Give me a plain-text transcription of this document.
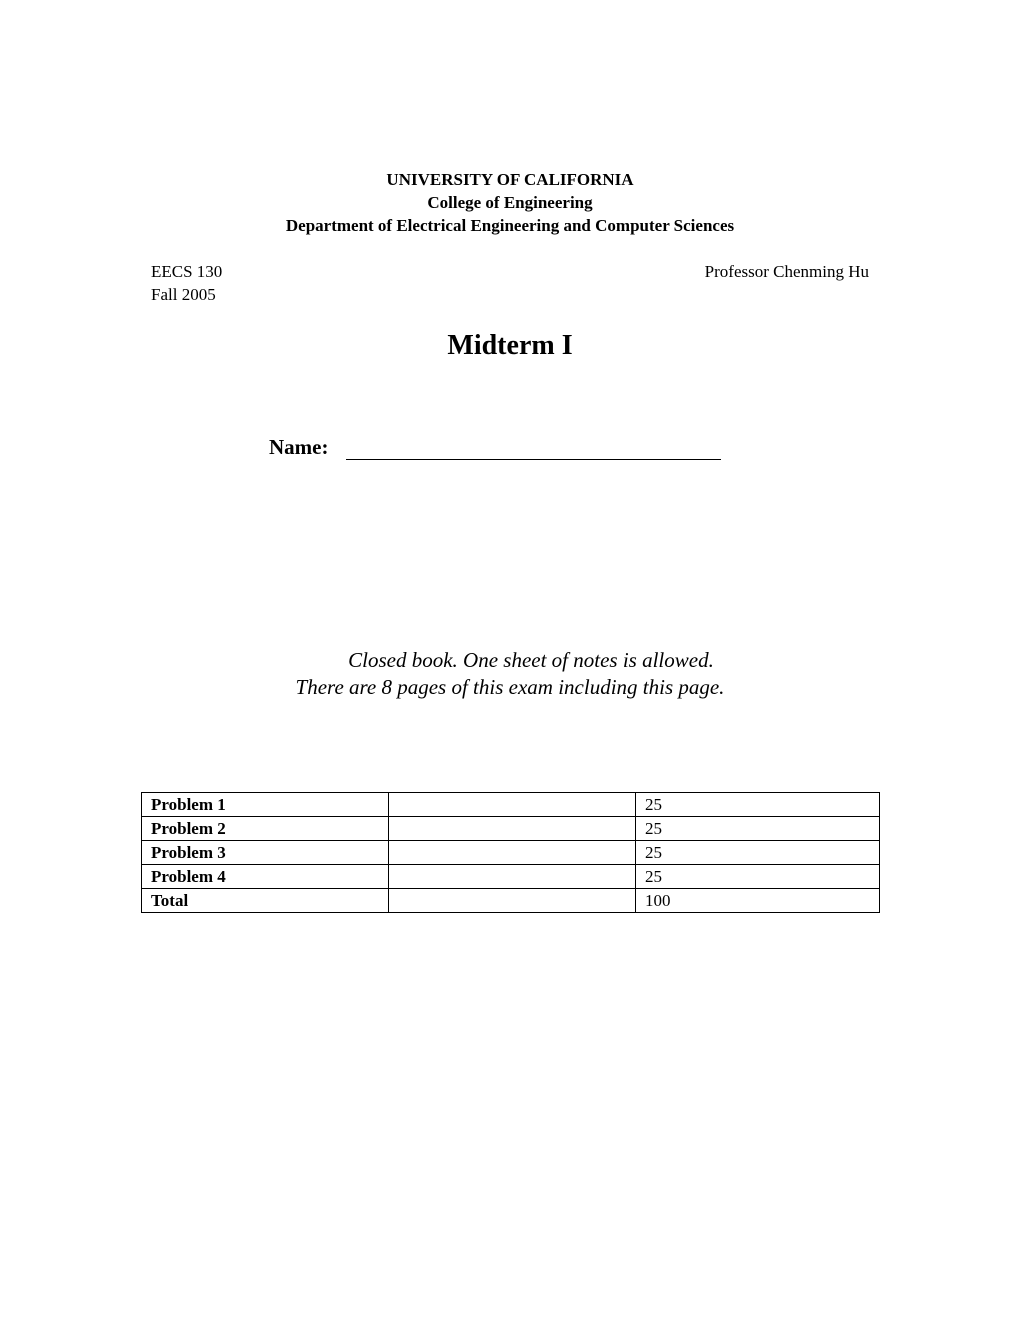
UNIVERSITY OF CALIFORNIA
College of Engineering
Department of Electrical Engineering and Computer Sciences
EECS 130
Fall 2005
Professor Chenming Hu
Midterm I
Name:
Closed book. One sheet of notes is allowed.
There are 8 pages of this exam including this page.
Problem 1		25
Problem 2		25
Problem 3		25
Problem 4		25
Total		100
